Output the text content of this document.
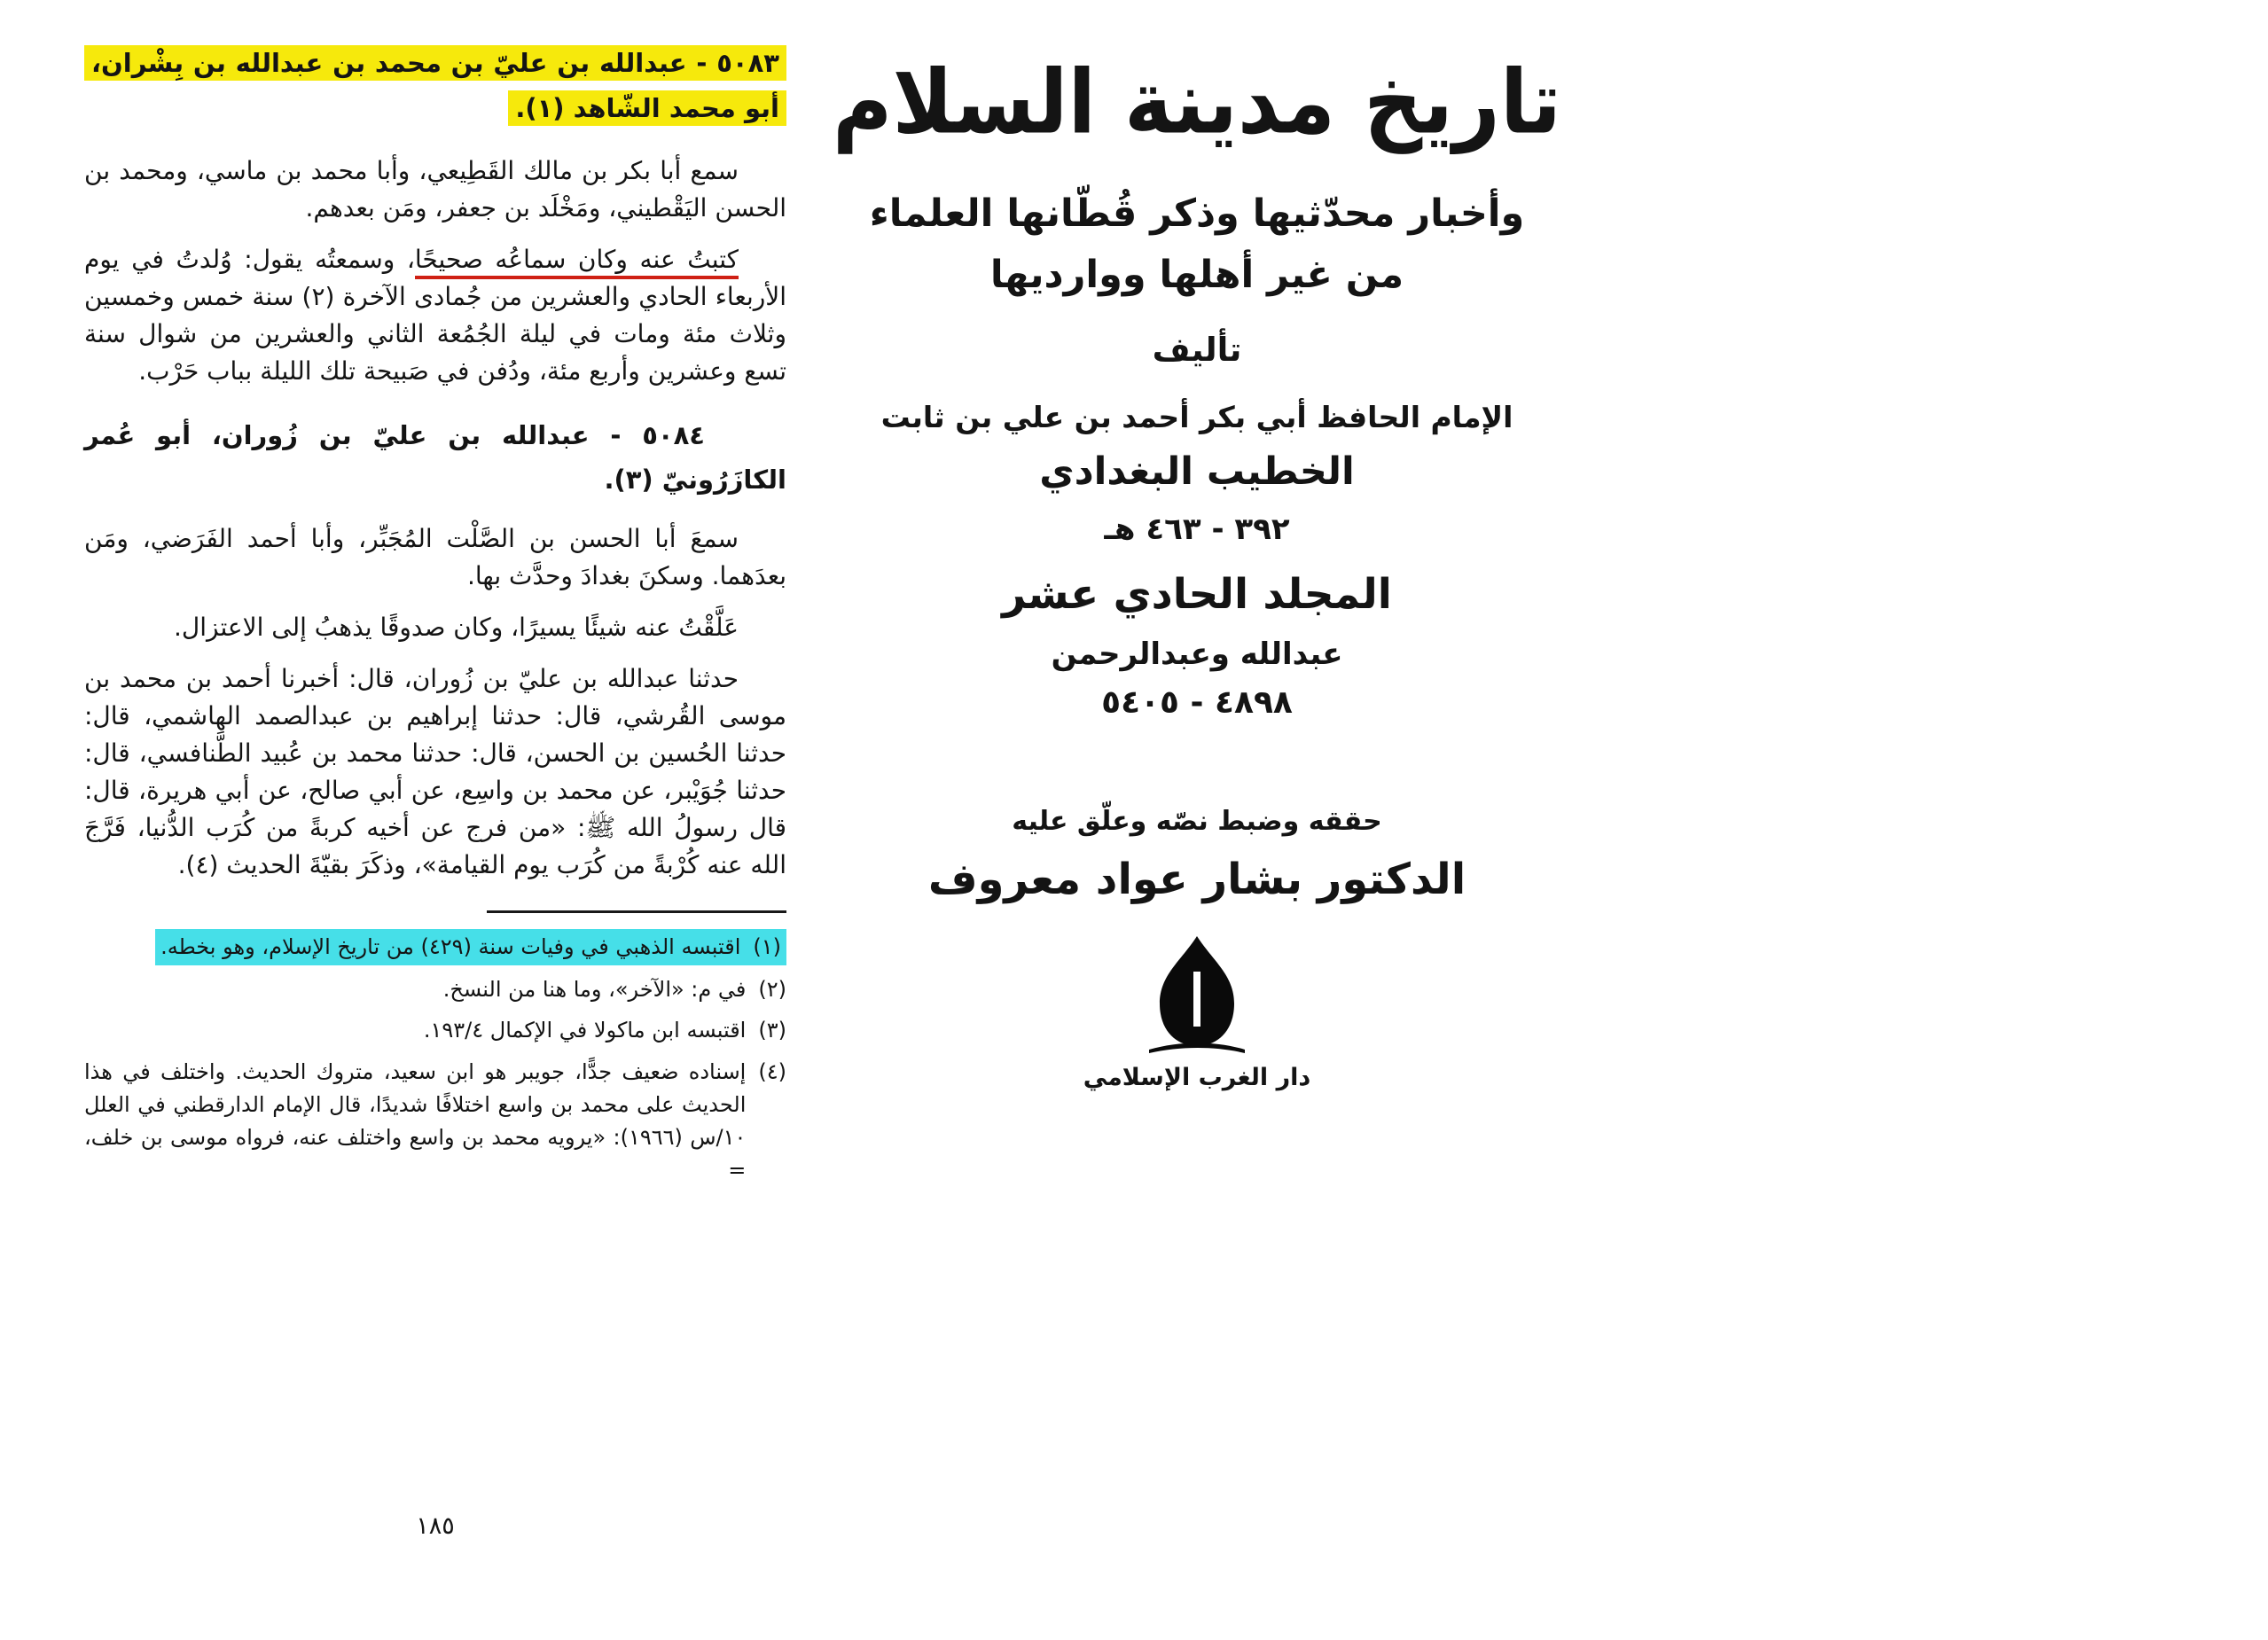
٥٠٨٣ - عبدالله بن عليّ بن محمد بن عبدالله بن بِشْران، أبو محمد الشّاهد (١).

سمع أبا بكر بن مالك القَطِيعي، وأبا محمد بن ماسي، ومحمد بن الحسن اليَقْطيني، ومَخْلَد بن جعفر، ومَن بعدهم.

كتبتُ عنه وكان سماعُه صحيحًا، وسمعتُه يقول: وُلدتُ في يوم الأربعاء الحادي والعشرين من جُمادى الآخرة (٢) سنة خمس وخمسين وثلاث مئة ومات في ليلة الجُمُعة الثاني والعشرين من شوال سنة تسع وعشرين وأربع مئة، ودُفن في صَبيحة تلك الليلة بباب حَرْب.

٥٠٨٤ - عبدالله بن عليّ بن زُوران، أبو عُمر الكازَرُونيّ (٣).

سمعَ أبا الحسن بن الصَّلْت المُجَبِّر، وأبا أحمد الفَرَضي، ومَن بعدَهما. وسكنَ بغدادَ وحدَّث بها.

عَلَّقْتُ عنه شيئًا يسيرًا، وكان صدوقًا يذهبُ إلى الاعتزال.

حدثنا عبدالله بن عليّ بن زُوران، قال: أخبرنا أحمد بن محمد بن موسى القُرشي، قال: حدثنا إبراهيم بن عبدالصمد الهاشمي، قال: حدثنا الحُسين بن الحسن، قال: حدثنا محمد بن عُبيد الطَّنافسي، قال: حدثنا جُوَيْبر، عن محمد بن واسِع، عن أبي صالح، عن أبي هريرة، قال: قال رسولُ الله ﷺ: «من فرج عن أخيه كربةً من كُرَب الدُّنيا، فَرَّجَ الله عنه كُرْبةً من كُرَب يوم القيامة»، وذكَرَ بقيّةَ الحديث (٤).

(١)
اقتبسه الذهبي في وفيات سنة (٤٢٩) من تاريخ الإسلام، وهو بخطه.
(٢)
في م: «الآخر»، وما هنا من النسخ.
(٣)
اقتبسه ابن ماكولا في الإكمال ١٩٣/٤.
(٤)
إسناده ضعيف جدًّا، جويبر هو ابن سعيد، متروك الحديث. واختلف في هذا الحديث على محمد بن واسع اختلافًا شديدًا، قال الإمام الدارقطني في العلل ١٠/س (١٩٦٦): «يرويه محمد بن واسع واختلف عنه، فرواه موسى بن خلف، =
١٨٥
تاريخ مدينة السلام
وأخبار محدّثيها وذكر قُطّانها العلماء
من غير أهلها ووارديها
تأليف
الإمام الحافظ أبي بكر أحمد بن علي بن ثابت
الخطيب البغدادي
٣٩٢ - ٤٦٣ هـ
المجلد الحادي عشر
عبدالله وعبدالرحمن
٤٨٩٨ - ٥٤٠٥
حققه وضبط نصّه وعلّق عليه
الدكتور بشار عواد معروف
دار الغرب الإسلامي
